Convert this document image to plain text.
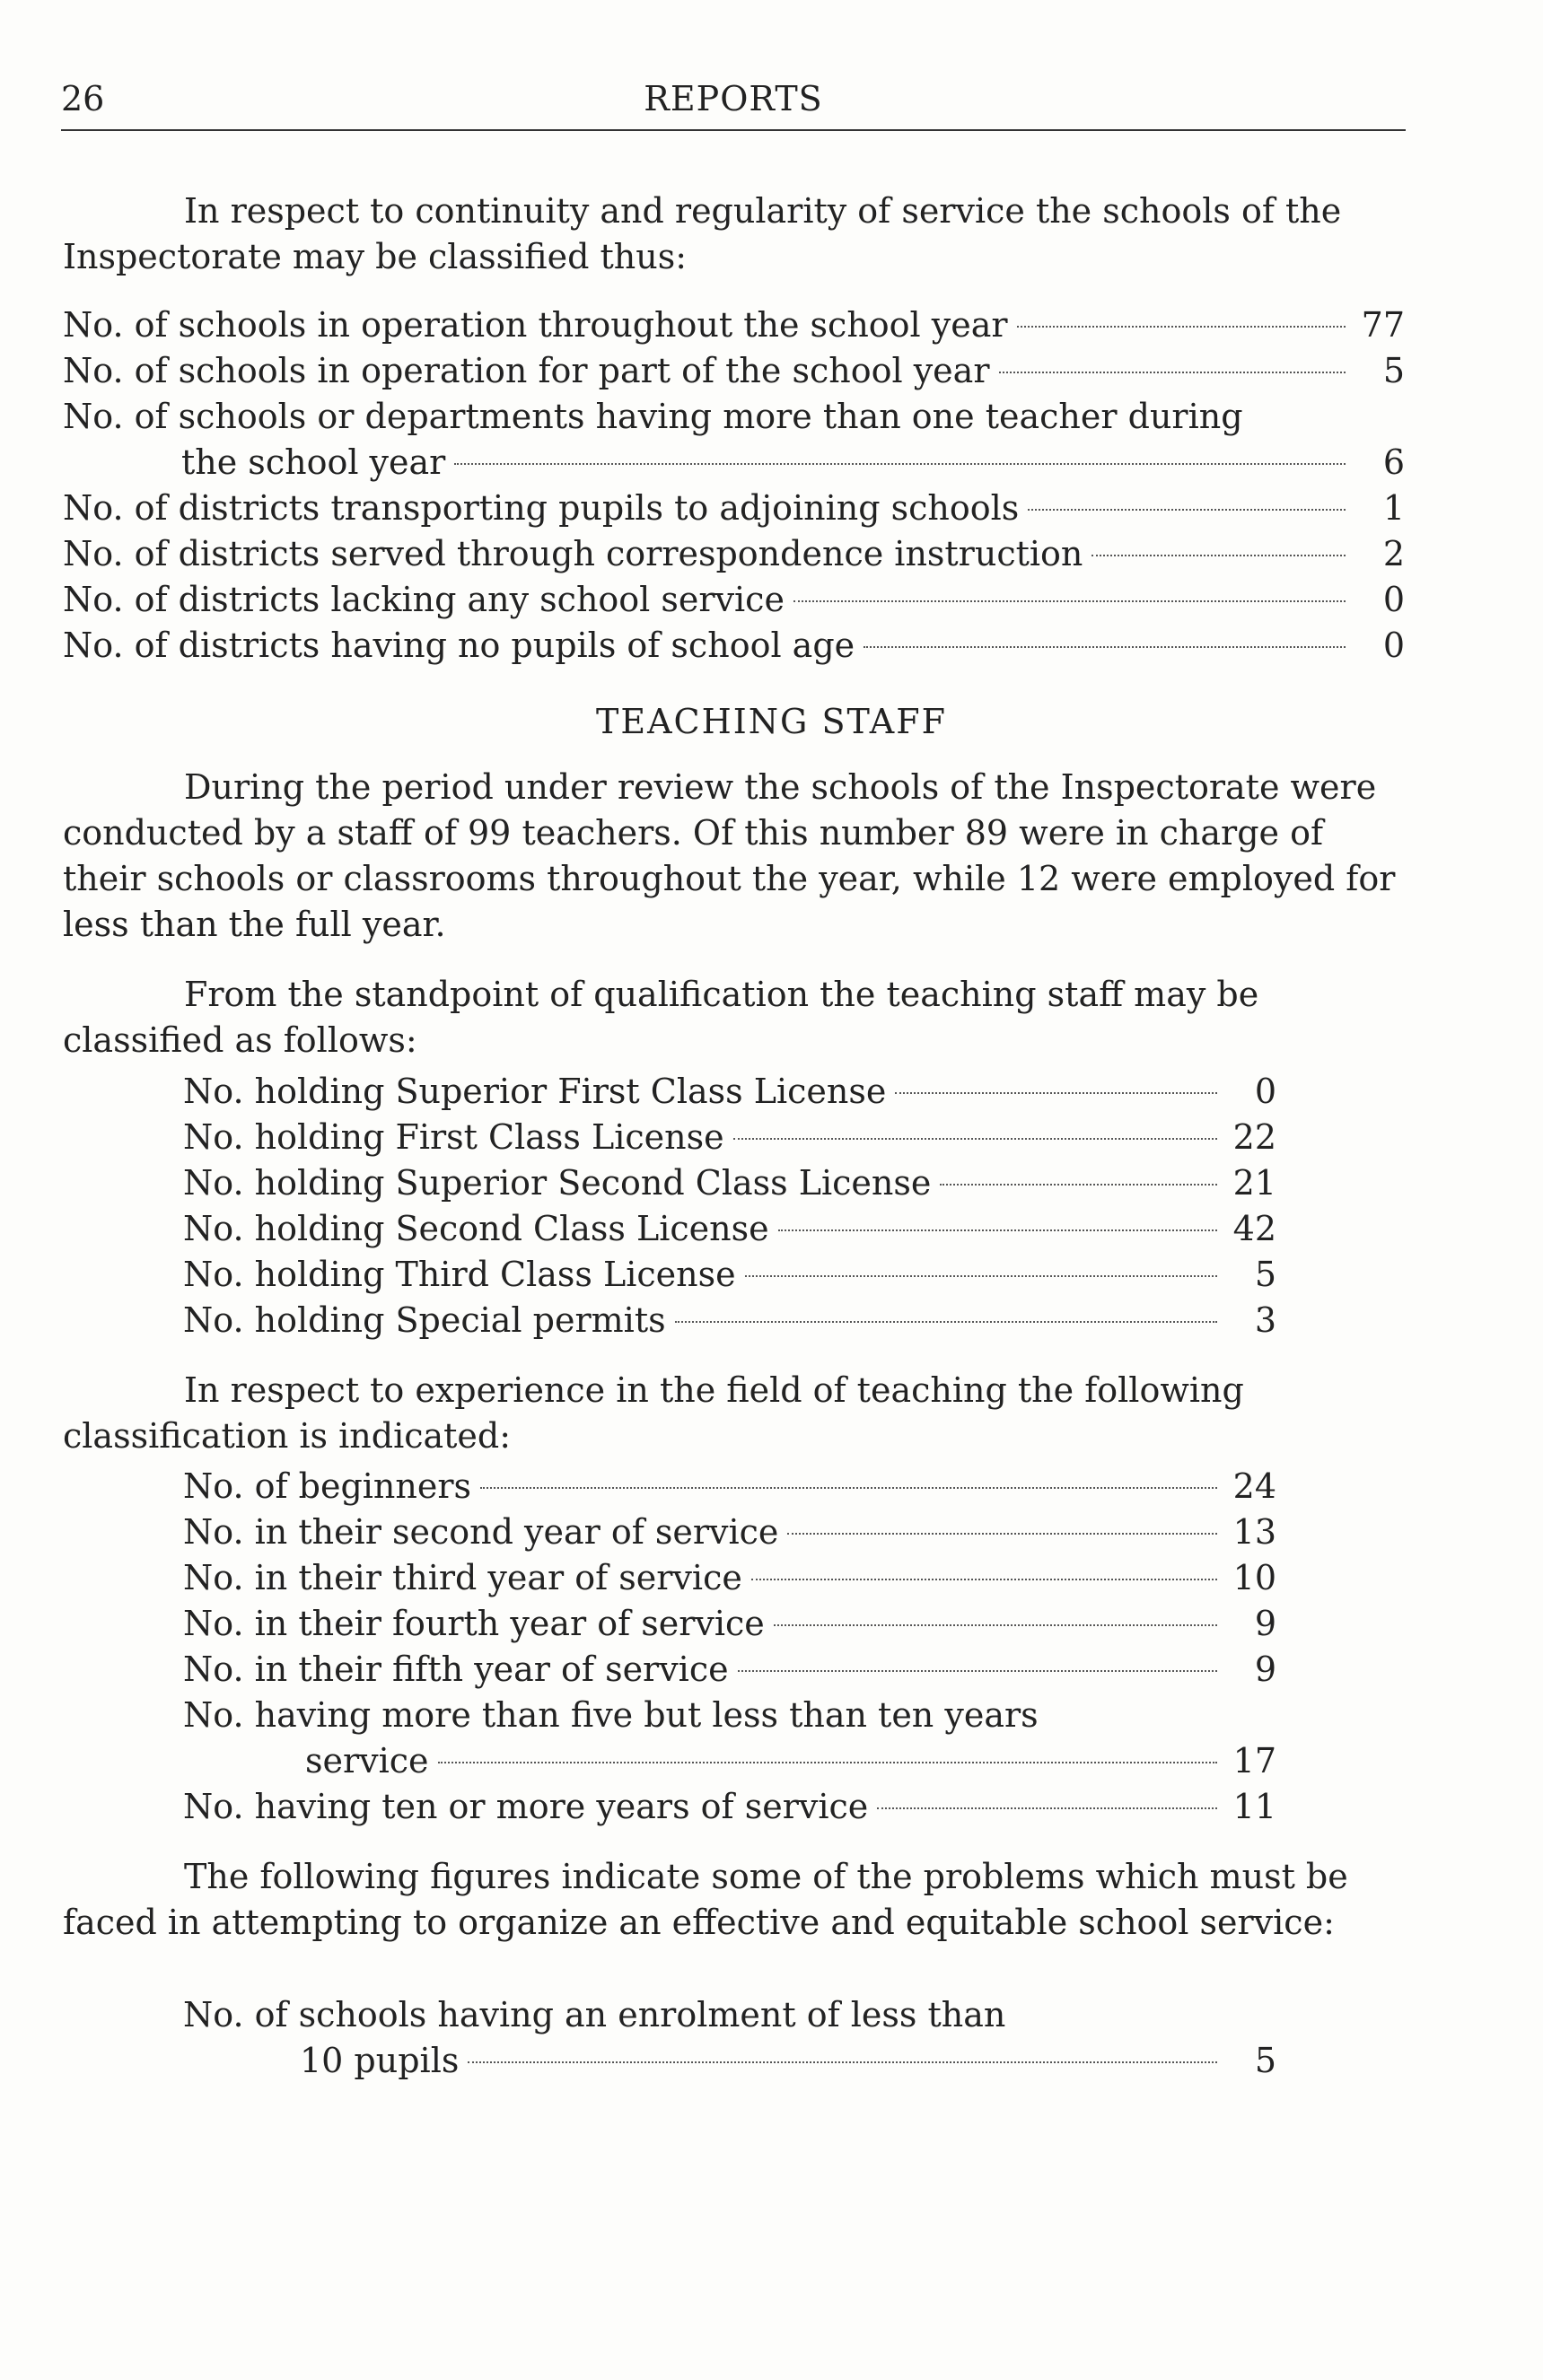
26	REPORTS
In respect to continuity and regularity of service the schools of the Inspectorate may be classified thus:
No. of schools in operation throughout the school year	77
No. of schools in operation for part of the school year	5
No. of schools or departments having more than one teacher during
the school year	6
No. of districts transporting pupils to adjoining schools	1
No. of districts served through correspondence instruction	2
No. of districts lacking any school service	0
No. of districts having no pupils of school age	0
TEACHING STAFF
During the period under review the schools of the Inspectorate were conducted by a staff of 99 teachers. Of this number 89 were in charge of their schools or classrooms throughout the year, while 12 were employed for less than the full year.
From the standpoint of qualification the teaching staff may be classified as follows:
No. holding Superior First Class License	0
No. holding First Class License	22
No. holding Superior Second Class License	21
No. holding Second Class License	42
No. holding Third Class License	5
No. holding Special permits	3
In respect to experience in the field of teaching the following classification is indicated:
No. of beginners	24
No. in their second year of service	13
No. in their third year of service	10
No. in their fourth year of service	9
No. in their fifth year of service	9
No. having more than five but less than ten years
service	17
No. having ten or more years of service	11
The following figures indicate some of the problems which must be faced in attempting to organize an effective and equitable school service:
No. of schools having an enrolment of less than
10 pupils	5
